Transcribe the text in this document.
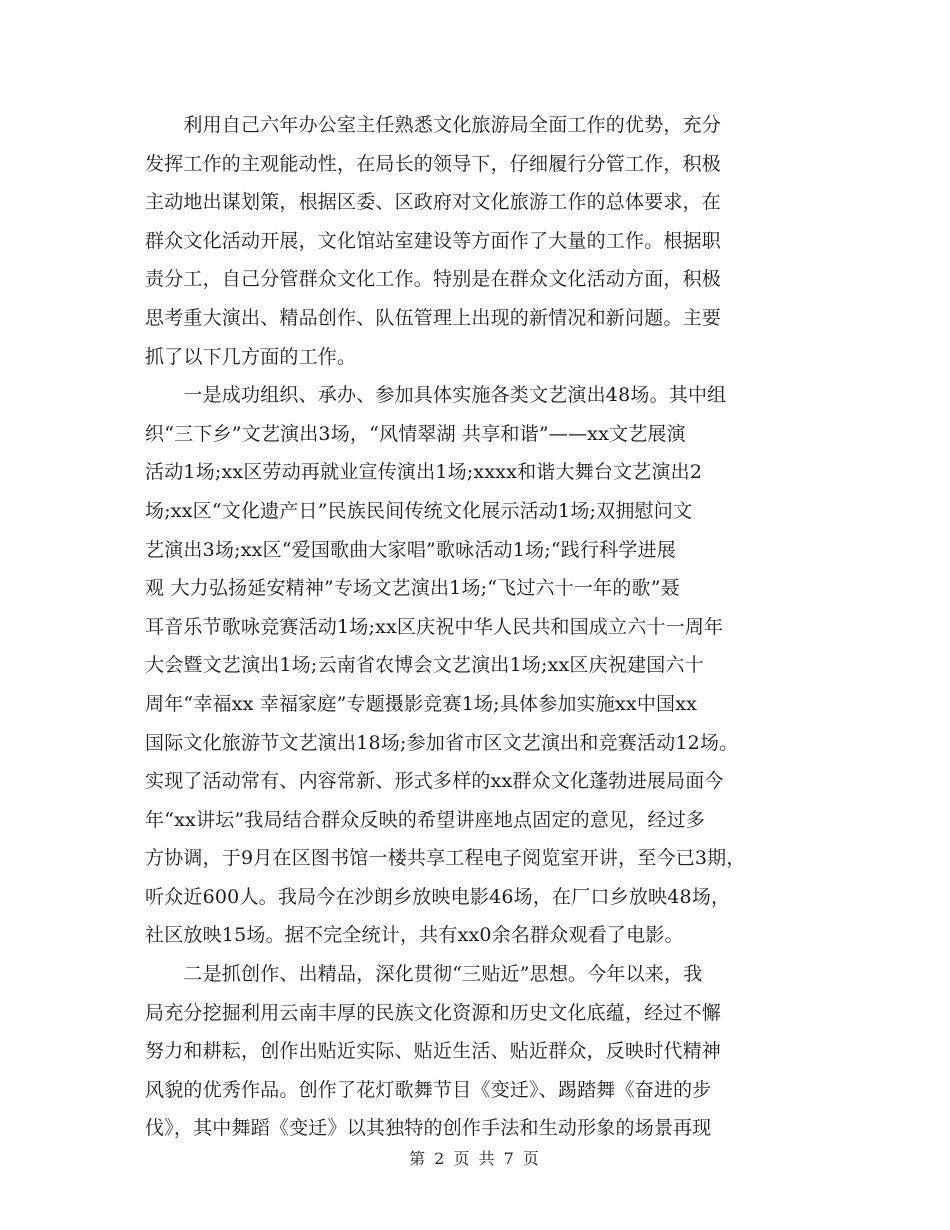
　　利用自己六年办公室主任熟悉文化旅游局全面工作的优势，充分
发挥工作的主观能动性，在局长的领导下，仔细履行分管工作，积极
主动地出谋划策，根据区委、区政府对文化旅游工作的总体要求，在
群众文化活动开展，文化馆站室建设等方面作了大量的工作。根据职
责分工，自己分管群众文化工作。特别是在群众文化活动方面，积极
思考重大演出、精品创作、队伍管理上出现的新情况和新问题。主要
抓了以下几方面的工作。
　　一是成功组织、承办、参加具体实施各类文艺演出48场。其中组
织“三下乡”文艺演出3场，“风情翠湖 共享和谐”——xx文艺展演
活动1场;xx区劳动再就业宣传演出1场;xxxx和谐大舞台文艺演出2
场;xx区“文化遗产日”民族民间传统文化展示活动1场;双拥慰问文
艺演出3场;xx区“爱国歌曲大家唱”歌咏活动1场;“践行科学进展
观 大力弘扬延安精神”专场文艺演出1场;“飞过六十一年的歌”聂
耳音乐节歌咏竞赛活动1场;xx区庆祝中华人民共和国成立六十一周年
大会暨文艺演出1场;云南省农博会文艺演出1场;xx区庆祝建国六十
周年“幸福xx 幸福家庭”专题摄影竞赛1场;具体参加实施xx中国xx
国际文化旅游节文艺演出18场;参加省市区文艺演出和竞赛活动12场。
实现了活动常有、内容常新、形式多样的xx群众文化蓬勃进展局面今
年“xx讲坛”我局结合群众反映的希望讲座地点固定的意见，经过多
方协调，于9月在区图书馆一楼共享工程电子阅览室开讲，至今已3期，
听众近600人。我局今在沙朗乡放映电影46场，在厂口乡放映48场，
社区放映15场。据不完全统计，共有xx0余名群众观看了电影。
　　二是抓创作、出精品，深化贯彻“三贴近”思想。今年以来，我
局充分挖掘利用云南丰厚的民族文化资源和历史文化底蕴，经过不懈
努力和耕耘，创作出贴近实际、贴近生活、贴近群众，反映时代精神
风貌的优秀作品。创作了花灯歌舞节目《变迁》、踢踏舞《奋进的步
伐》，其中舞蹈《变迁》以其独特的创作手法和生动形象的场景再现
第 2 页 共 7 页
